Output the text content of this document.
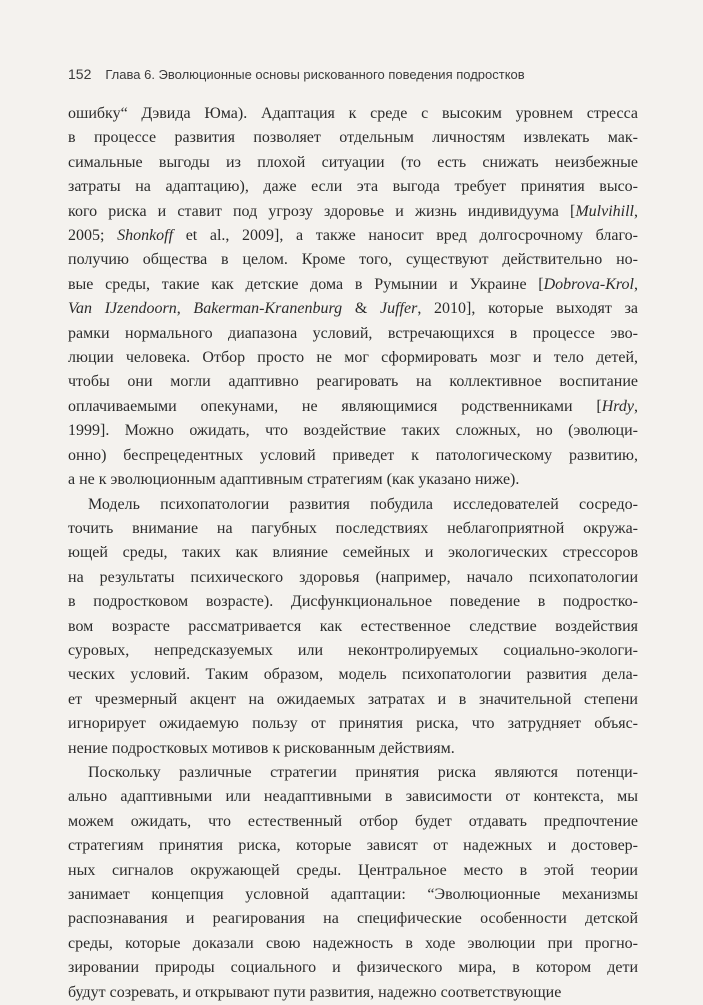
152 Глава 6. Эволюционные основы рискованного поведения подростков

ошибку“ Дэвида Юма). Адаптация к среде с высоким уровнем стресса
в процессе развития позволяет отдельным личностям извлекать мак-
симальные выгоды из плохой ситуации (то есть снижать неизбежные
затраты на адаптацию), даже если эта выгода требует принятия высо-
кого риска и ставит под угрозу здоровье и жизнь индивидуума [Mulvihill,
2005; Shonkoff et al., 2009], а также наносит вред долгосрочному благо-
получию общества в целом. Кроме того, существуют действительно но-
вые среды, такие как детские дома в Румынии и Украине [Dobrova-Krol,
Van IJzendoorn, Bakerman-Kranenburg & Juffer, 2010], которые выходят за
рамки нормального диапазона условий, встречающихся в процессе эво-
люции человека. Отбор просто не мог сформировать мозг и тело детей,
чтобы они могли адаптивно реагировать на коллективное воспитание
оплачиваемыми опекунами, не являющимися родственниками [Hrdy,
1999]. Можно ожидать, что воздействие таких сложных, но (эволюци-
онно) беспрецедентных условий приведет к патологическому развитию,
а не к эволюционным адаптивным стратегиям (как указано ниже).

Модель психопатологии развития побудила исследователей сосредо-
точить внимание на пагубных последствиях неблагоприятной окружа-
ющей среды, таких как влияние семейных и экологических стрессоров
на результаты психического здоровья (например, начало психопатологии
в подростковом возрасте). Дисфункциональное поведение в подростко-
вом возрасте рассматривается как естественное следствие воздействия
суровых, непредсказуемых или неконтролируемых социально-экологи-
ческих условий. Таким образом, модель психопатологии развития дела-
ет чрезмерный акцент на ожидаемых затратах и в значительной степени
игнорирует ожидаемую пользу от принятия риска, что затрудняет объяс-
нение подростковых мотивов к рискованным действиям.

Поскольку различные стратегии принятия риска являются потенци-
ально адаптивными или неадаптивными в зависимости от контекста, мы
можем ожидать, что естественный отбор будет отдавать предпочтение
стратегиям принятия риска, которые зависят от надежных и достовер-
ных сигналов окружающей среды. Центральное место в этой теории
занимает концепция условной адаптации: “Эволюционные механизмы
распознавания и реагирования на специфические особенности детской
среды, которые доказали свою надежность в ходе эволюции при прогно-
зировании природы социального и физического мира, в котором дети
будут созревать, и открывают пути развития, надежно соответствующие
